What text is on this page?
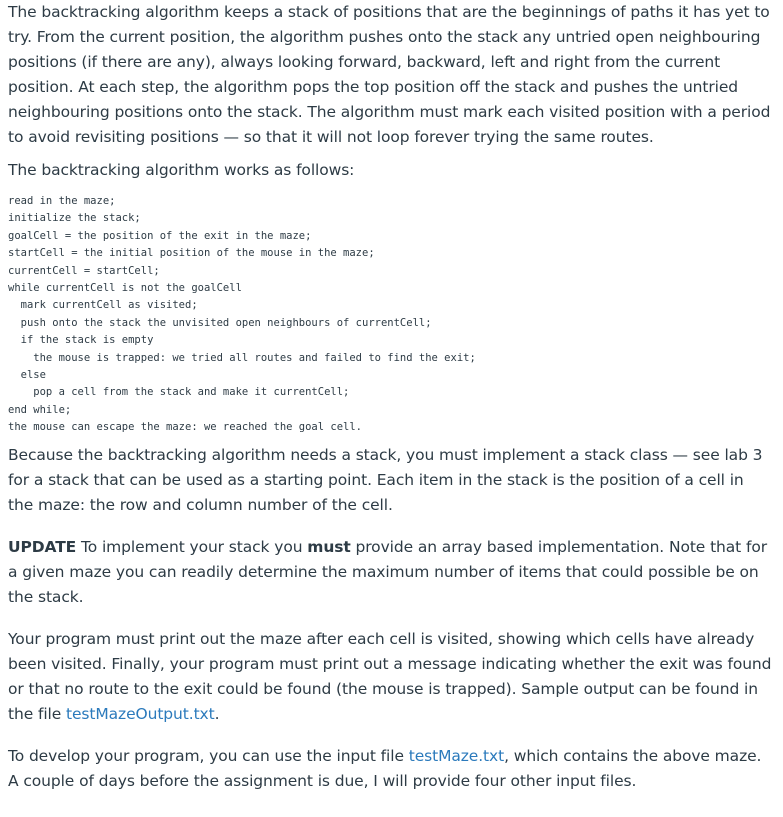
The backtracking algorithm keeps a stack of positions that are the beginnings of paths it has yet to try. From the current position, the algorithm pushes onto the stack any untried open neighbouring positions (if there are any), always looking forward, backward, left and right from the current position. At each step, the algorithm pops the top position off the stack and pushes the untried neighbouring positions onto the stack. The algorithm must mark each visited position with a period to avoid revisiting positions — so that it will not loop forever trying the same routes.

The backtracking algorithm works as follows:

read in the maze;
initialize the stack;
goalCell = the position of the exit in the maze;
startCell = the initial position of the mouse in the maze;
currentCell = startCell;
while currentCell is not the goalCell
mark currentCell as visited;
push onto the stack the unvisited open neighbours of currentCell;
if the stack is empty
the mouse is trapped: we tried all routes and failed to find the exit;
else
pop a cell from the stack and make it currentCell;
end while;
the mouse can escape the maze: we reached the goal cell.

Because the backtracking algorithm needs a stack, you must implement a stack class — see lab 3 for a stack that can be used as a starting point. Each item in the stack is the position of a cell in the maze: the row and column number of the cell.

UPDATE To implement your stack you must provide an array based implementation. Note that for a given maze you can readily determine the maximum number of items that could possible be on the stack.

Your program must print out the maze after each cell is visited, showing which cells have already been visited. Finally, your program must print out a message indicating whether the exit was found or that no route to the exit could be found (the mouse is trapped). Sample output can be found in the file testMazeOutput.txt.

To develop your program, you can use the input file testMaze.txt, which contains the above maze. A couple of days before the assignment is due, I will provide four other input files.
